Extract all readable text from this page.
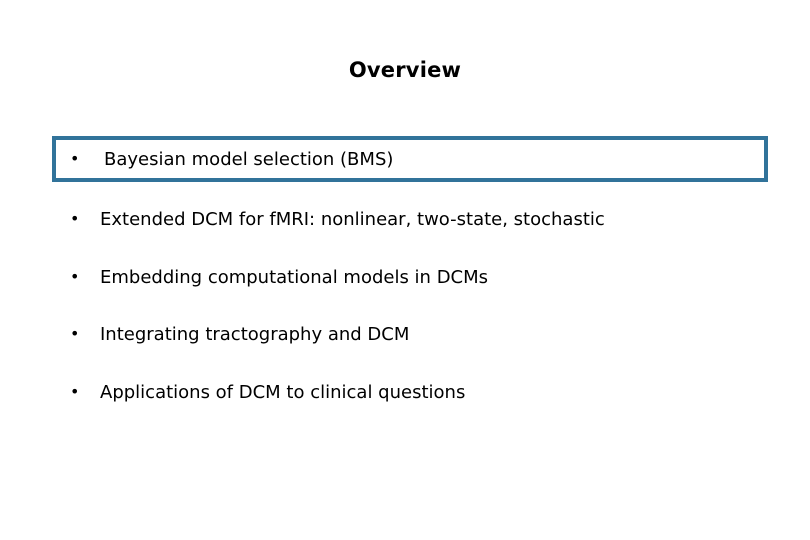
Overview
•	Bayesian model selection (BMS)
•	Extended DCM for fMRI: nonlinear, two-state, stochastic
•	Embedding computational models in DCMs
•	Integrating tractography and DCM
•	Applications of DCM to clinical questions
